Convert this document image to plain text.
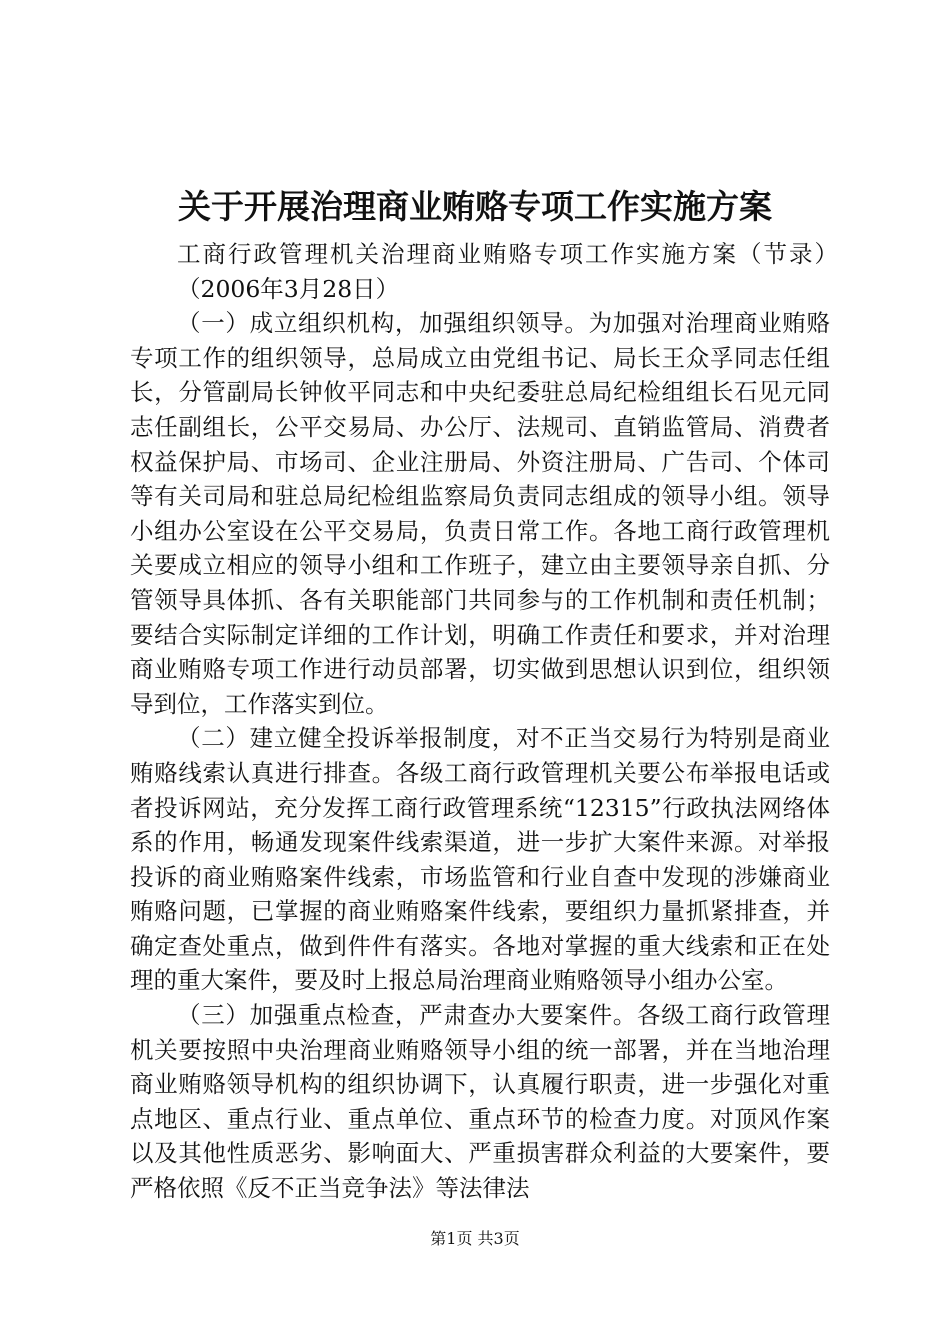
关于开展治理商业贿赂专项工作实施方案

工商行政管理机关治理商业贿赂专项工作实施方案（节录）

（2006年3月28日）

（一）成立组织机构，加强组织领导。为加强对治理商业贿赂专项工作的组织领导，总局成立由党组书记、局长王众孚同志任组长，分管副局长钟攸平同志和中央纪委驻总局纪检组组长石见元同志任副组长，公平交易局、办公厅、法规司、直销监管局、消费者权益保护局、市场司、企业注册局、外资注册局、广告司、个体司等有关司局和驻总局纪检组监察局负责同志组成的领导小组。领导小组办公室设在公平交易局，负责日常工作。各地工商行政管理机关要成立相应的领导小组和工作班子，建立由主要领导亲自抓、分管领导具体抓、各有关职能部门共同参与的工作机制和责任机制；要结合实际制定详细的工作计划，明确工作责任和要求，并对治理商业贿赂专项工作进行动员部署，切实做到思想认识到位，组织领导到位，工作落实到位。

（二）建立健全投诉举报制度，对不正当交易行为特别是商业贿赂线索认真进行排查。各级工商行政管理机关要公布举报电话或者投诉网站，充分发挥工商行政管理系统“12315”行政执法网络体系的作用，畅通发现案件线索渠道，进一步扩大案件来源。对举报投诉的商业贿赂案件线索，市场监管和行业自查中发现的涉嫌商业贿赂问题，已掌握的商业贿赂案件线索，要组织力量抓紧排查，并确定查处重点，做到件件有落实。各地对掌握的重大线索和正在处理的重大案件，要及时上报总局治理商业贿赂领导小组办公室。

（三）加强重点检查，严肃查办大要案件。各级工商行政管理机关要按照中央治理商业贿赂领导小组的统一部署，并在当地治理商业贿赂领导机构的组织协调下，认真履行职责，进一步强化对重点地区、重点行业、重点单位、重点环节的检查力度。对顶风作案以及其他性质恶劣、影响面大、严重损害群众利益的大要案件，要严格依照《反不正当竞争法》等法律法

第1页 共3页
